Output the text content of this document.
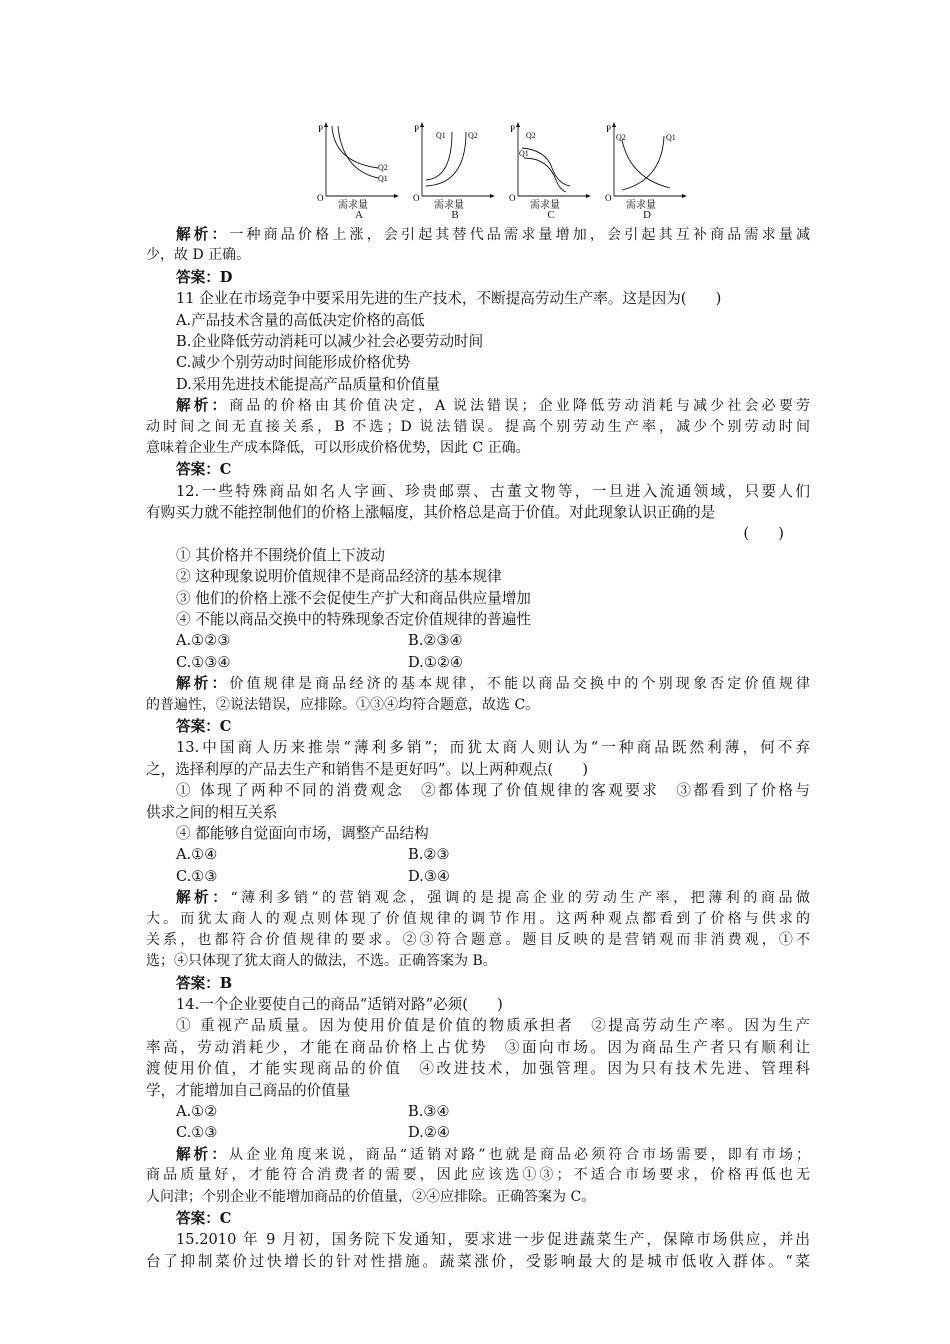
P
O
Q2
Q1
需求量
A
P
O
Q1	Q2
需求量
B
P
O
Q2
Q1
需求量
C
P
O
Q2	Q1
需求量
D
解析：一种商品价格上涨，会引起其替代品需求量增加，会引起其互补商品需求量减
少，故 D 正确。
答案：D
11 企业在市场竞争中要采用先进的生产技术，不断提高劳动生产率。这是因为(　　)
A.产品技术含量的高低决定价格的高低
B.企业降低劳动消耗可以减少社会必要劳动时间
C.减少个别劳动时间能形成价格优势
D.采用先进技术能提高产品质量和价值量
解析：商品的价格由其价值决定，A 说法错误；企业降低劳动消耗与减少社会必要劳
动时间之间无直接关系，B 不选；D 说法错误。提高个别劳动生产率，减少个别劳动时间
意味着企业生产成本降低，可以形成价格优势，因此 C 正确。
答案：C
12.一些特殊商品如名人字画、珍贵邮票、古董文物等，一旦进入流通领域，只要人们
有购买力就不能控制他们的价格上涨幅度，其价格总是高于价值。对此现象认识正确的是
(　　)
① 其价格并不围绕价值上下波动
② 这种现象说明价值规律不是商品经济的基本规律
③ 他们的价格上涨不会促使生产扩大和商品供应量增加
④ 不能以商品交换中的特殊现象否定价值规律的普遍性
A.①②③	B.②③④
C.①③④	D.①②④
解析：价值规律是商品经济的基本规律，不能以商品交换中的个别现象否定价值规律
的普遍性，②说法错误，应排除。①③④均符合题意，故选 C。
答案：C
13.中国商人历来推崇“薄利多销”；而犹太商人则认为“一种商品既然利薄，何不弃
之，选择利厚的产品去生产和销售不是更好吗”。以上两种观点(　　)
① 体现了两种不同的消费观念　②都体现了价值规律的客观要求　③都看到了价格与
供求之间的相互关系
④ 都能够自觉面向市场，调整产品结构
A.①④	B.②③
C.①③	D.③④
解析：“薄利多销”的营销观念，强调的是提高企业的劳动生产率，把薄利的商品做
大。而犹太商人的观点则体现了价值规律的调节作用。这两种观点都看到了价格与供求的
关系，也都符合价值规律的要求。②③符合题意。题目反映的是营销观而非消费观，①不
选；④只体现了犹太商人的做法，不选。正确答案为 B。
答案：B
14.一个企业要使自己的商品“适销对路”必须(　　)
① 重视产品质量。因为使用价值是价值的物质承担者　②提高劳动生产率。因为生产
率高，劳动消耗少，才能在商品价格上占优势　③面向市场。因为商品生产者只有顺利让
渡使用价值，才能实现商品的价值　④改进技术，加强管理。因为只有技术先进、管理科
学，才能增加自己商品的价值量
A.①②	B.③④
C.①③	D.②④
解析：从企业角度来说，商品“适销对路”也就是商品必须符合市场需要，即有市场；
商品质量好，才能符合消费者的需要，因此应该选①③；不适合市场要求，价格再低也无
人问津；个别企业不能增加商品的价值量，②④应排除。正确答案为 C。
答案：C
15.2010 年 9 月初，国务院下发通知，要求进一步促进蔬菜生产，保障市场供应，并出
台了抑制菜价过快增长的针对性措施。蔬菜涨价，受影响最大的是城市低收入群体。“菜
